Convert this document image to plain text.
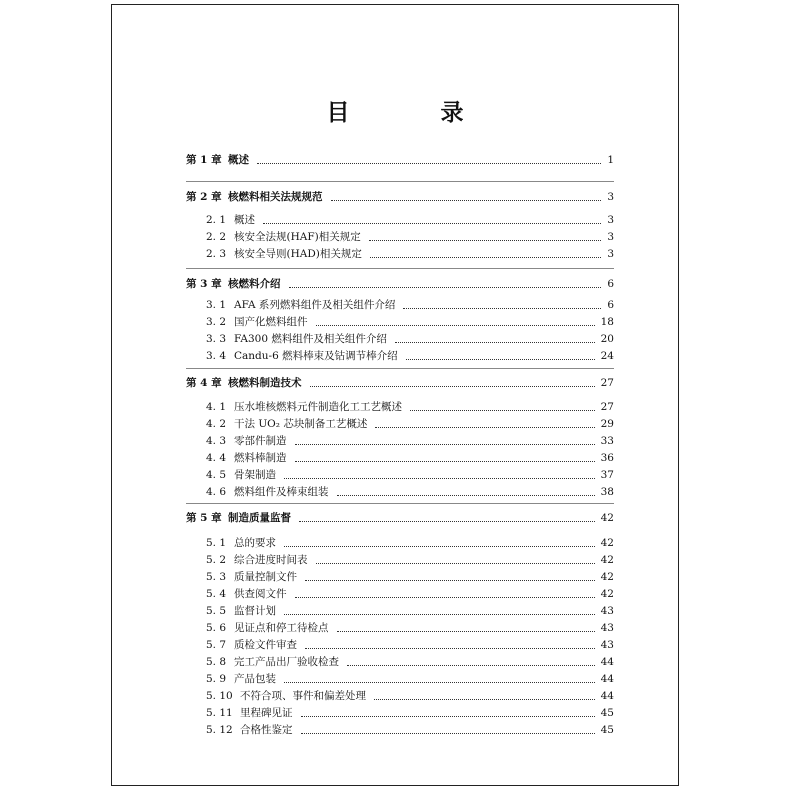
目　录
第 1 章 概述	1
第 2 章 核燃料相关法规规范	3
2. 1 概述	3
2. 2 核安全法规(HAF)相关规定	3
2. 3 核安全导则(HAD)相关规定	3
第 3 章 核燃料介绍	6
3. 1 AFA 系列燃料组件及相关组件介绍	6
3. 2 国产化燃料组件	18
3. 3 FA300 燃料组件及相关组件介绍	20
3. 4 Candu-6 燃料棒束及钴调节棒介绍	24
第 4 章 核燃料制造技术	27
4. 1 压水堆核燃料元件制造化工工艺概述	27
4. 2 干法 UO₂ 芯块制备工艺概述	29
4. 3 零部件制造	33
4. 4 燃料棒制造	36
4. 5 骨架制造	37
4. 6 燃料组件及棒束组装	38
第 5 章 制造质量监督	42
5. 1 总的要求	42
5. 2 综合进度时间表	42
5. 3 质量控制文件	42
5. 4 供查阅文件	42
5. 5 监督计划	43
5. 6 见证点和停工待检点	43
5. 7 质检文件审查	43
5. 8 完工产品出厂验收检查	44
5. 9 产品包装	44
5. 10 不符合项、事件和偏差处理	44
5. 11 里程碑见证	45
5. 12 合格性鉴定	45
